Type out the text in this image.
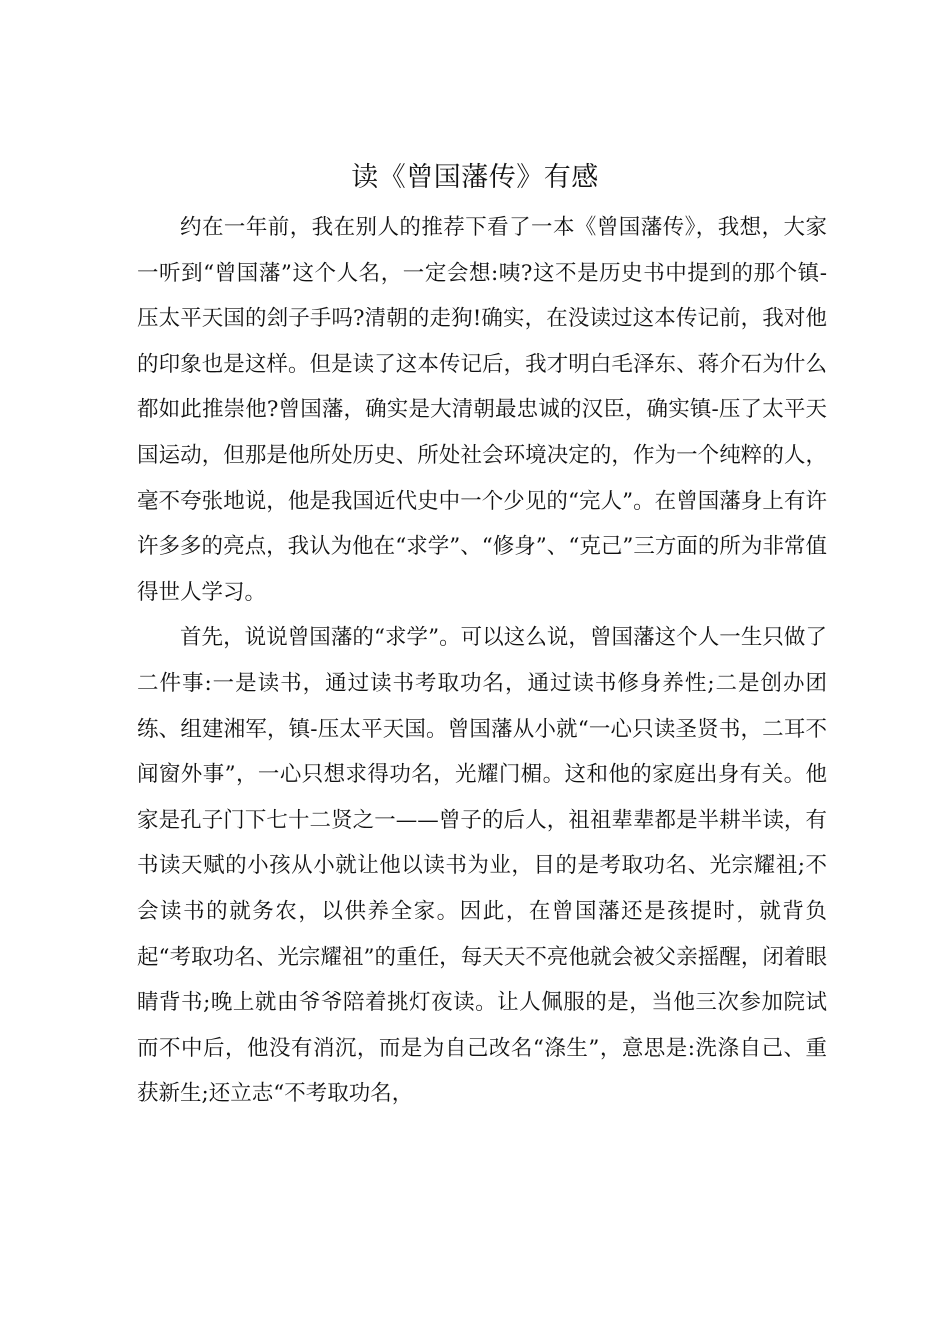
读《曾国藩传》有感

约在一年前，我在别人的推荐下看了一本《曾国藩传》，我想，大家一听到“曾国藩”这个人名，一定会想:咦?这不是历史书中提到的那个镇-压太平天国的刽子手吗?清朝的走狗!确实，在没读过这本传记前，我对他的印象也是这样。但是读了这本传记后，我才明白毛泽东、蒋介石为什么都如此推崇他?曾国藩，确实是大清朝最忠诚的汉臣，确实镇-压了太平天国运动，但那是他所处历史、所处社会环境决定的，作为一个纯粹的人，毫不夸张地说，他是我国近代史中一个少见的“完人”。在曾国藩身上有许许多多的亮点，我认为他在“求学”、“修身”、“克己”三方面的所为非常值得世人学习。

首先，说说曾国藩的“求学”。可以这么说，曾国藩这个人一生只做了二件事:一是读书，通过读书考取功名，通过读书修身养性;二是创办团练、组建湘军，镇-压太平天国。曾国藩从小就“一心只读圣贤书，二耳不闻窗外事”，一心只想求得功名，光耀门楣。这和他的家庭出身有关。他家是孔子门下七十二贤之一——曾子的后人，祖祖辈辈都是半耕半读，有书读天赋的小孩从小就让他以读书为业，目的是考取功名、光宗耀祖;不会读书的就务农，以供养全家。因此，在曾国藩还是孩提时，就背负起“考取功名、光宗耀祖”的重任，每天天不亮他就会被父亲摇醒，闭着眼睛背书;晚上就由爷爷陪着挑灯夜读。让人佩服的是，当他三次参加院试而不中后，他没有消沉，而是为自己改名“涤生”，意思是:洗涤自己、重获新生;还立志“不考取功名，
